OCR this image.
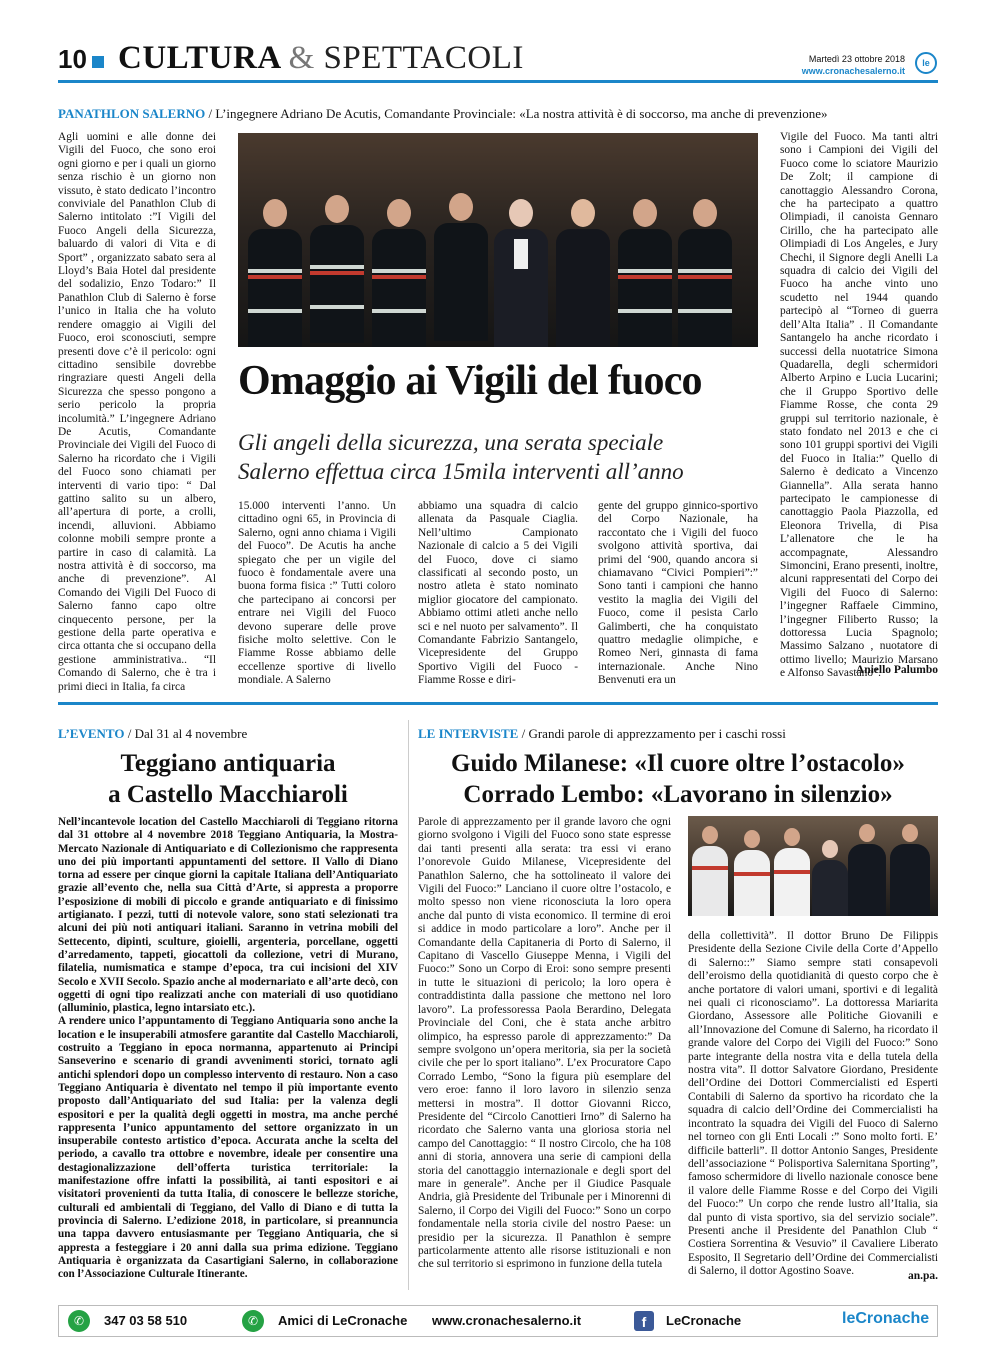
10 CULTURA & SPETTACOLI	Martedì 23 ottobre 2018
www.cronachesalerno.it
le
PANATHLON SALERNO / L’ingegnere Adriano De Acutis, Comandante Provinciale: «La nostra attività è di soccorso, ma anche di prevenzione»

Agli uomini e alle donne dei Vigili del Fuoco, che sono eroi ogni giorno e per i quali un giorno senza rischio è un giorno non vissuto, è stato dedicato l’incontro conviviale del Panathlon Club di Salerno intitolato :”I Vigili del Fuoco Angeli della Sicurezza, baluardo di valori di Vita e di Sport” , organizzato sabato sera al Lloyd’s Baia Hotel dal presidente del sodalizio, Enzo Todaro:” Il Panathlon Club di Salerno è forse l’unico in Italia che ha voluto rendere omaggio ai Vigili del Fuoco, eroi sconosciuti, sempre presenti dove c’è il pericolo: ogni cittadino sensibile dovrebbe ringraziare questi Angeli della Sicurezza che spesso pongono a serio pericolo la propria incolumità.” L’ingegnere Adriano De Acutis, Comandante Provinciale dei Vigili del Fuoco di Salerno ha ricordato che i Vigili del Fuoco sono chiamati per interventi di vario tipo: “ Dal gattino salito su un albero, all’apertura di porte, a crolli, incendi, alluvioni. Abbiamo colonne mobili sempre pronte a partire in caso di calamità. La nostra attività è di soccorso, ma anche di prevenzione”. Al Comando dei Vigili Del Fuoco di Salerno fanno capo oltre cinquecento persone, per la gestione della parte operativa e circa ottanta che si occupano della gestione amministrativa.. “Il Comando di Salerno, che è tra i primi dieci in Italia, fa circa

Omaggio ai Vigili del fuoco
Gli angeli della sicurezza, una serata speciale
Salerno effettua circa 15mila interventi all’anno

15.000 interventi l’anno. Un cittadino ogni 65, in Provincia di Salerno, ogni anno chiama i Vigili del Fuoco”. De Acutis ha anche spiegato che per un vigile del fuoco è fondamentale avere una buona forma fisica :” Tutti coloro che partecipano ai concorsi per entrare nei Vigili del Fuoco devono superare delle prove fisiche molto selettive. Con le Fiamme Rosse abbiamo delle eccellenze sportive di livello mondiale. A Salerno

abbiamo una squadra di calcio allenata da Pasquale Ciaglia. Nell’ultimo Campionato Nazionale di calcio a 5 dei Vigili del Fuoco, dove ci siamo classificati al secondo posto, un nostro atleta è stato nominato miglior giocatore del campionato. Abbiamo ottimi atleti anche nello sci e nel nuoto per salvamento”. Il Comandante Fabrizio Santangelo, Vicepresidente del Gruppo Sportivo Vigili del Fuoco - Fiamme Rosse e diri-

gente del gruppo ginnico-sportivo del Corpo Nazionale, ha raccontato che i Vigili del fuoco svolgono attività sportiva, dai primi del ‘900, quando ancora si chiamavano “Civici Pompieri”:” Sono tanti i campioni che hanno vestito la maglia dei Vigili del Fuoco, come il pesista Carlo Galimberti, che ha conquistato quattro medaglie olimpiche, e Romeo Neri, ginnasta di fama internazionale. Anche Nino Benvenuti era un

Vigile del Fuoco. Ma tanti altri sono i Campioni dei Vigili del Fuoco come lo sciatore Maurizio De Zolt; il campione di canottaggio Alessandro Corona, che ha partecipato a quattro Olimpiadi, il canoista Gennaro Cirillo, che ha partecipato alle Olimpiadi di Los Angeles, e Jury Chechi, il Signore degli Anelli La squadra di calcio dei Vigili del Fuoco ha anche vinto uno scudetto nel 1944 quando partecipò al “Torneo di guerra dell’Alta Italia” . Il Comandante Santangelo ha anche ricordato i successi della nuotatrice Simona Quadarella, degli schermidori Alberto Arpino e Lucia Lucarini; che il Gruppo Sportivo delle Fiamme Rosse, che conta 29 gruppi sul territorio nazionale, è stato fondato nel 2013 e che ci sono 101 gruppi sportivi dei Vigili del Fuoco in Italia:” Quello di Salerno è dedicato a Vincenzo Giannella”. Alla serata hanno partecipato le campionesse di canottaggio Paola Piazzolla, ed Eleonora Trivella, di Pisa L’allenatore che le ha accompagnate, Alessandro Simoncini, Erano presenti, inoltre, alcuni rappresentati del Corpo dei Vigili del Fuoco di Salerno: l’ingegner Raffaele Cimmino, l’ingegner Filiberto Russo; la dottoressa Lucia Spagnolo; Massimo Salzano , nuotatore di ottimo livello; Maurizio Marsano e Alfonso Savastano”.

Aniello Palumbo
L’EVENTO / Dal 31 al 4 novembre
Teggiano antiquaria
a Castello Macchiaroli

Nell’incantevole location del Castello Macchiaroli di Teggiano ritorna dal 31 ottobre al 4 novembre 2018 Teggiano Antiquaria, la Mostra-Mercato Nazionale di Antiquariato e di Collezionismo che rappresenta uno dei più importanti appuntamenti del settore. Il Vallo di Diano torna ad essere per cinque giorni la capitale Italiana dell’Antiquariato grazie all’evento che, nella sua Città d’Arte, si appresta a proporre l’esposizione di mobili di piccolo e grande antiquariato e di finissimo artigianato. I pezzi, tutti di notevole valore, sono stati selezionati tra alcuni dei più noti antiquari italiani. Saranno in vetrina mobili del Settecento, dipinti, sculture, gioielli, argenteria, porcellane, oggetti d’arredamento, tappeti, giocattoli da collezione, vetri di Murano, filatelia, numismatica e stampe d’epoca, tra cui incisioni del XIV Secolo e XVII Secolo. Spazio anche al modernariato e all’arte decò, con oggetti di ogni tipo realizzati anche con materiali di uso quotidiano (alluminio, plastica, legno intarsiato etc.).

A rendere unico l’appuntamento di Teggiano Antiquaria sono anche la location e le insuperabili atmosfere garantite dal Castello Macchiaroli, costruito a Teggiano in epoca normanna, appartenuto ai Principi Sanseverino e scenario di grandi avvenimenti storici, tornato agli antichi splendori dopo un complesso intervento di restauro. Non a caso Teggiano Antiquaria è diventato nel tempo il più importante evento proposto dall’Antiquariato del sud Italia: per la valenza degli espositori e per la qualità degli oggetti in mostra, ma anche perché rappresenta l’unico appuntamento del settore organizzato in un insuperabile contesto artistico d’epoca. Accurata anche la scelta del periodo, a cavallo tra ottobre e novembre, ideale per consentire una destagionalizzazione dell’offerta turistica territoriale: la manifestazione offre infatti la possibilità, ai tanti espositori e ai visitatori provenienti da tutta Italia, di conoscere le bellezze storiche, culturali ed ambientali di Teggiano, del Vallo di Diano e di tutta la provincia di Salerno. L’edizione 2018, in particolare, si preannuncia una tappa davvero entusiasmante per Teggiano Antiquaria, che si appresta a festeggiare i 20 anni dalla sua prima edizione. Teggiano Antiquaria è organizzata da Casartigiani Salerno, in collaborazione con l’Associazione Culturale Itinerante.

LE INTERVISTE / Grandi parole di apprezzamento per i caschi rossi
Guido Milanese: «Il cuore oltre l’ostacolo»
Corrado Lembo: «Lavorano in silenzio»

Parole di apprezzamento per il grande lavoro che ogni giorno svolgono i Vigili del Fuoco sono state espresse dai tanti presenti alla serata: tra essi vi erano l’onorevole Guido Milanese, Vicepresidente del Panathlon Salerno, che ha sottolineato il valore dei Vigili del Fuoco:” Lanciano il cuore oltre l’ostacolo, e molto spesso non viene riconosciuta la loro opera anche dal punto di vista economico. Il termine di eroi si addice in modo particolare a loro”. Anche per il Comandante della Capitaneria di Porto di Salerno, il Capitano di Vascello Giuseppe Menna, i Vigili del Fuoco:” Sono un Corpo di Eroi: sono sempre presenti in tutte le situazioni di pericolo; la loro opera è contraddistinta dalla passione che mettono nel loro lavoro”. La professoressa Paola Berardino, Delegata Provinciale del Coni, che è stata anche arbitro olimpico, ha espresso parole di apprezzamento:” Da sempre svolgono un’opera meritoria, sia per la società civile che per lo sport italiano”. L’ex Procuratore Capo Corrado Lembo, “Sono la figura più esemplare del vero eroe: fanno il loro lavoro in silenzio senza mettersi in mostra”. Il dottor Giovanni Ricco, Presidente del “Circolo Canottieri Irno” di Salerno ha ricordato che Salerno vanta una gloriosa storia nel campo del Canottaggio: “ Il nostro Circolo, che ha 108 anni di storia, annovera una serie di campioni della storia del canottaggio internazionale e degli sport del mare in generale”. Anche per il Giudice Pasquale Andria, già Presidente del Tribunale per i Minorenni di Salerno, il Corpo dei Vigili del Fuoco:” Sono un corpo fondamentale nella storia civile del nostro Paese: un presidio per la sicurezza. Il Panathlon è sempre particolarmente attento alle risorse istituzionali e non che sul territorio si esprimono in funzione della tutela

della collettività”. Il dottor Bruno De Filippis Presidente della Sezione Civile della Corte d’Appello di Salerno::” Siamo sempre stati consapevoli dell’eroismo della quotidianità di questo corpo che è anche portatore di valori umani, sportivi e di legalità nei quali ci riconosciamo”. La dottoressa Mariarita Giordano, Assessore alle Politiche Giovanili e all’Innovazione del Comune di Salerno, ha ricordato il grande valore del Corpo dei Vigili del Fuoco:” Sono parte integrante della nostra vita e della tutela della nostra vita”. Il dottor Salvatore Giordano, Presidente dell’Ordine dei Dottori Commercialisti ed Esperti Contabili di Salerno da sportivo ha ricordato che la squadra di calcio dell’Ordine dei Commercialisti ha incontrato la squadra dei Vigili del Fuoco di Salerno nel torneo con gli Enti Locali :” Sono molto forti. E’ difficile batterli”. Il dottor Antonio Sanges, Presidente dell’associazione “ Polisportiva Salernitana Sporting”, famoso schermidore di livello nazionale conosce bene il valore delle Fiamme Rosse e del Corpo dei Vigili del Fuoco:” Un corpo che rende lustro all’Italia, sia dal punto di vista sportivo, sia del servizio sociale”. Presenti anche il Presidente del Panathlon Club “ Costiera Sorrentina & Vesuvio” il Cavaliere Liberato Esposito, Il Segretario dell’Ordine dei Commercialisti di Salerno, il dottor Agostino Soave.	an.pa.
✆	347 03 58 510	✆	Amici di LeCronache www.cronachesalerno.it	f	LeCronache	leCronache
